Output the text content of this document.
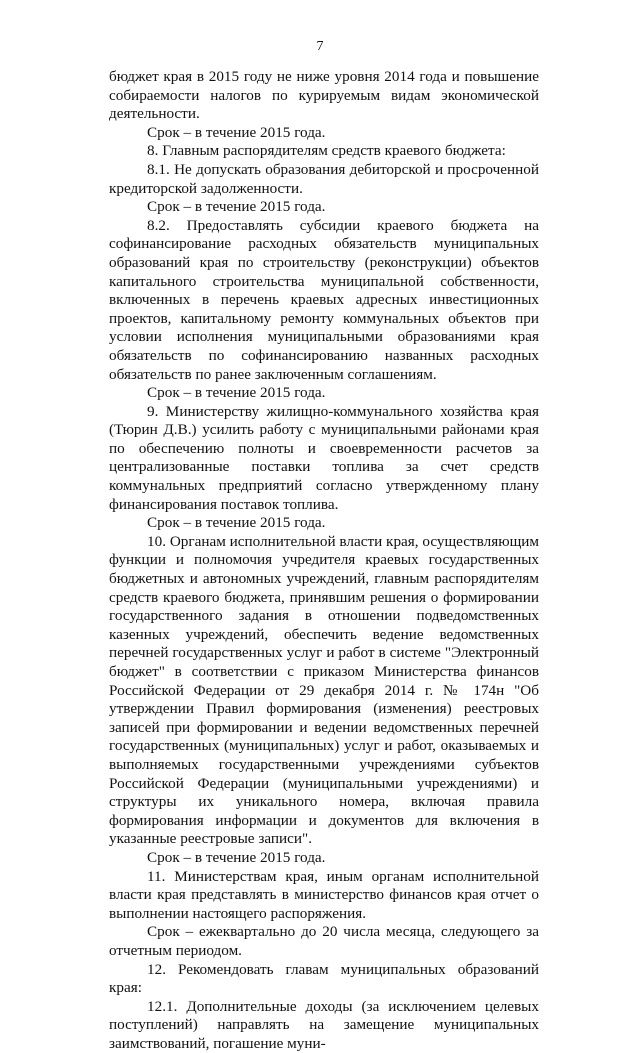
7

бюджет края в 2015 году не ниже уровня 2014 года и повышение собираемости налогов по курируемым видам экономической деятельности.

Срок – в течение 2015 года.

8. Главным распорядителям средств краевого бюджета:

8.1. Не допускать образования дебиторской и просроченной кредиторской задолженности.

Срок – в течение 2015 года.

8.2. Предоставлять субсидии краевого бюджета на софинансирование расходных обязательств муниципальных образований края по строительству (реконструкции) объектов капитального строительства муниципальной собственности, включенных в перечень краевых адресных инвестиционных проектов, капитальному ремонту коммунальных объектов при условии исполнения муниципальными образованиями края обязательств по софинансированию названных расходных обязательств по ранее заключенным соглашениям.

Срок – в течение 2015 года.

9. Министерству жилищно-коммунального хозяйства края (Тюрин Д.В.) усилить работу с муниципальными районами края по обеспечению полноты и своевременности расчетов за централизованные поставки топлива за счет средств коммунальных предприятий согласно утвержденному плану финансирования поставок топлива.

Срок – в течение 2015 года.

10. Органам исполнительной власти края, осуществляющим функции и полномочия учредителя краевых государственных бюджетных и автономных учреждений, главным распорядителям средств краевого бюджета, принявшим решения о формировании государственного задания в отношении подведомственных казенных учреждений, обеспечить ведение ведомственных перечней государственных услуг и работ в системе "Электронный бюджет" в соответствии с приказом Министерства финансов Российской Федерации от 29 декабря 2014 г. № 174н "Об утверждении Правил формирования (изменения) реестровых записей при формировании и ведении ведомственных перечней государственных (муниципальных) услуг и работ, оказываемых и выполняемых государственными учреждениями субъектов Российской Федерации (муниципальными учреждениями) и структуры их уникального номера, включая правила формирования информации и документов для включения в указанные реестровые записи".

Срок – в течение 2015 года.

11. Министерствам края, иным органам исполнительной власти края представлять в министерство финансов края отчет о выполнении настоящего распоряжения.

Срок – ежеквартально до 20 числа месяца, следующего за отчетным периодом.

12. Рекомендовать главам муниципальных образований края:

12.1. Дополнительные доходы (за исключением целевых поступлений) направлять на замещение муниципальных заимствований, погашение муни-
